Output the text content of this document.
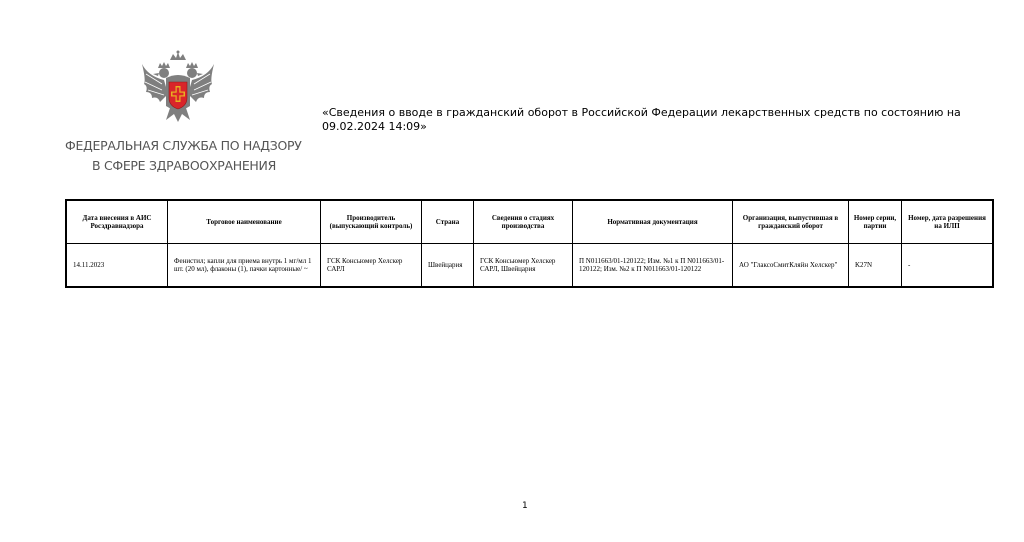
ФЕДЕРАЛЬНАЯ СЛУЖБА ПО НАДЗОРУ
В СФЕРЕ ЗДРАВООХРАНЕНИЯ
«Сведения о вводе в гражданский оборот в Российской Федерации лекарственных средств по состоянию на 09.02.2024 14:09»
Дата внесения в АИС Росздравнадзора	Торговое наименование	Производитель (выпускающий контроль)	Страна	Сведения о стадиях производства	Нормативная документация	Организация, выпустившая в гражданский оборот	Номер серии, партии	Номер, дата разрешения на ИЛП
14.11.2023	Фенистил; капли для приема внутрь 1 мг/мл 1 шт. (20 мл), флаконы (1), пачки картонные/ ~	ГСК Консьюмер Хелскер САРЛ	Швейцария	ГСК Консьюмер Хелскер САРЛ, Швейцария	П N011663/01-120122; Изм. №1 к П N011663/01-120122; Изм. №2 к П N011663/01-120122	АО "ГлаксоСмитКляйн Хелскер"	K27N	-
1
